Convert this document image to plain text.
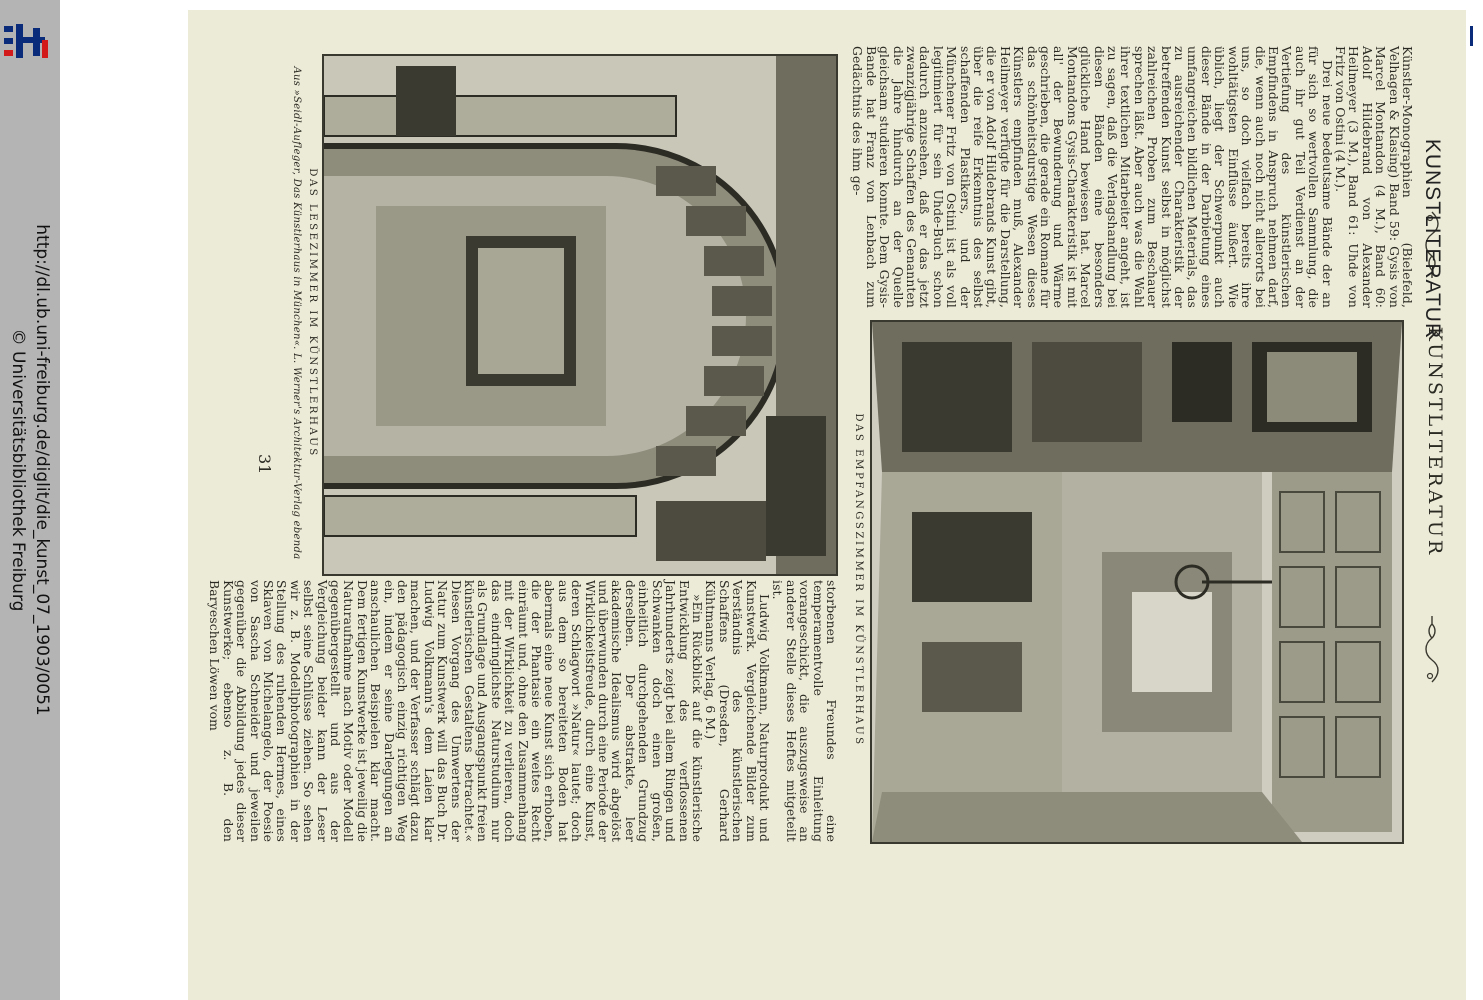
http://dl.ub.uni-freiburg.de/diglit/die_kunst_07_1903/0051
© Universitätsbibliothek Freiburg	KUNSTLITERATUR
DAS EMPFANGSZIMMER IM KÜNSTLERHAUS
KUNSTLITERATUR

Künstler-Monographien (Bielefeld, Velhagen & Klasing) Band 59: Gysis von Marcel Montandon (4 M.), Band 60: Adolf Hildebrand von Alexander Heilmeyer (3 M.), Band 61: Uhde von Fritz von Ostini (4 M.).

Drei neue bedeutsame Bände der an für sich so wertvollen Sammlung, die auch ihr gut Teil Verdienst an der Vertiefung des künstlerischen Empfindens in Anspruch nehmen darf, die, wenn auch noch nicht allerorts bei uns, so doch vielfach bereits ihre wohltätigsten Einflüsse äußert. Wie üblich, liegt der Schwerpunkt auch dieser Bände in der Darbietung eines umfangreichen bildlichen Materials, das zu ausreichender Charakteristik der betreffenden Kunst selbst in möglichst zahlreichen Proben zum Beschauer sprechen läßt. Aber auch was die Wahl ihrer textlichen Mitarbeiter angeht, ist zu sagen, daß die Verlagshandlung bei diesen Bänden eine besonders glückliche Hand bewiesen hat. Marcel Montandons Gysis-Charakteristik ist mit all' der Bewunderung und Wärme geschrieben, die gerade ein Romane für das schönheitsdurstige Wesen dieses Künstlers empfinden muß, Alexander Heilmeyer verfügte für die Darstellung, die er von Adolf Hildebrands Kunst gibt, über die reife Erkenntnis des selbst schaffenden Plastikers, und der Münchener Fritz von Ostini ist als voll legitimiert für sein Uhde-Buch schon dadurch anzusehen, daß er das jetzt zwanzigjährige Schaffen des Genannten die Jahre hindurch an der Quelle gleichsam studieren konnte. Dem Gysis-Bande hat Franz von Lenbach zum Gedächtnis des ihm ge-

storbenen Freundes eine temperamentvolle Einleitung vorangeschickt, die auszugsweise an anderer Stelle dieses Heftes mitgeteilt ist.

Ludwig Volkmann, Naturprodukt und Kunstwerk. Vergleichende Bilder zum Verständnis des künstlerischen Schaffens (Dresden, Gerhard Kühtmanns Verlag, 6 M.)

»Ein Rückblick auf die künstlerische Entwicklung des verflossenen Jahrhunderts zeigt bei allem Ringen und Schwanken doch einen großen, einheitlich durchgehenden Grundzug derselben. Der abstrakte, leer akademische Idealismus wird abgelöst und überwunden durch eine Periode der Wirklichkeitsfreude, durch eine Kunst, deren Schlagwort »Natur« lautet; doch aus dem so bereiteten Boden hat abermals eine neue Kunst sich erhoben, die der Phantasie ein weites Recht einräumt und, ohne den Zusammenhang mit der Wirklichkeit zu verlieren, doch das eindringlichste Naturstudium nur als Grundlage und Ausgangspunkt freien künstlerischen Gestaltens betrachtet.« Diesen Vorgang des Umwertens der Natur zum Kunstwerk will das Buch Dr. Ludwig Volkmann's dem Laien klar machen, und der Verfasser schlägt dazu den pädagogisch einzig richtigen Weg ein, indem er seine Darlegungen an anschaulichen Beispielen klar macht. Dem fertigen Kunstwerke ist jeweilig die Naturaufnahme nach Motiv oder Modell gegenübergestellt und aus der Vergleichung beider kann der Leser selbst seine Schlüsse ziehen. So sehen wir z. B. Modellphotographien in der Stellung des ruhenden Hermes, eines Sklaven von Michelangelo, der Poesie von Sascha Schneider und jeweilen gegenüber die Abbildung jedes dieser Kunstwerke; ebenso z. B. den Baryeschen Löwen vom

DAS LESEZIMMER IM KÜNSTLERHAUS
Aus »Seidl-Aufleger, Das Künstlerhaus in München«. L. Werner's Architektur-Verlag ebenda
31
